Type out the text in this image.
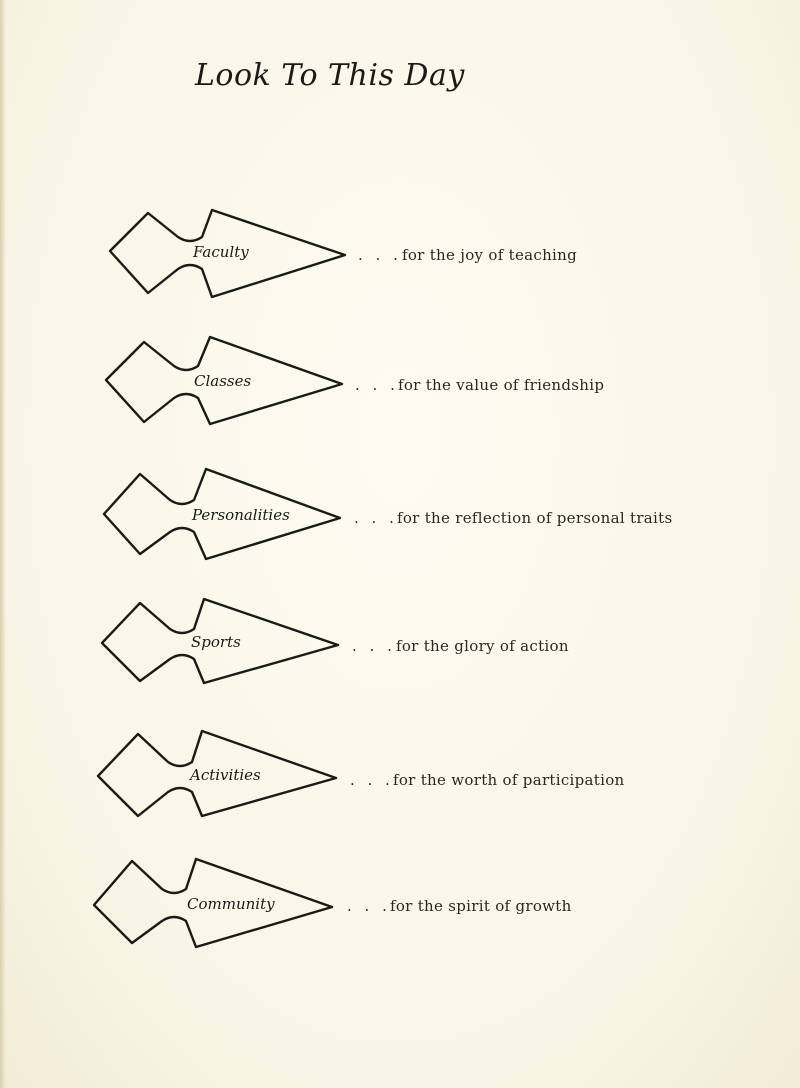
Look To This Day
Faculty	. . . for the joy of teaching
Classes	. . . for the value of friendship
Personalities	. . . for the reflection of personal traits
Sports	. . . for the glory of action
Activities	. . . for the worth of participation
Community	. . . for the spirit of growth
